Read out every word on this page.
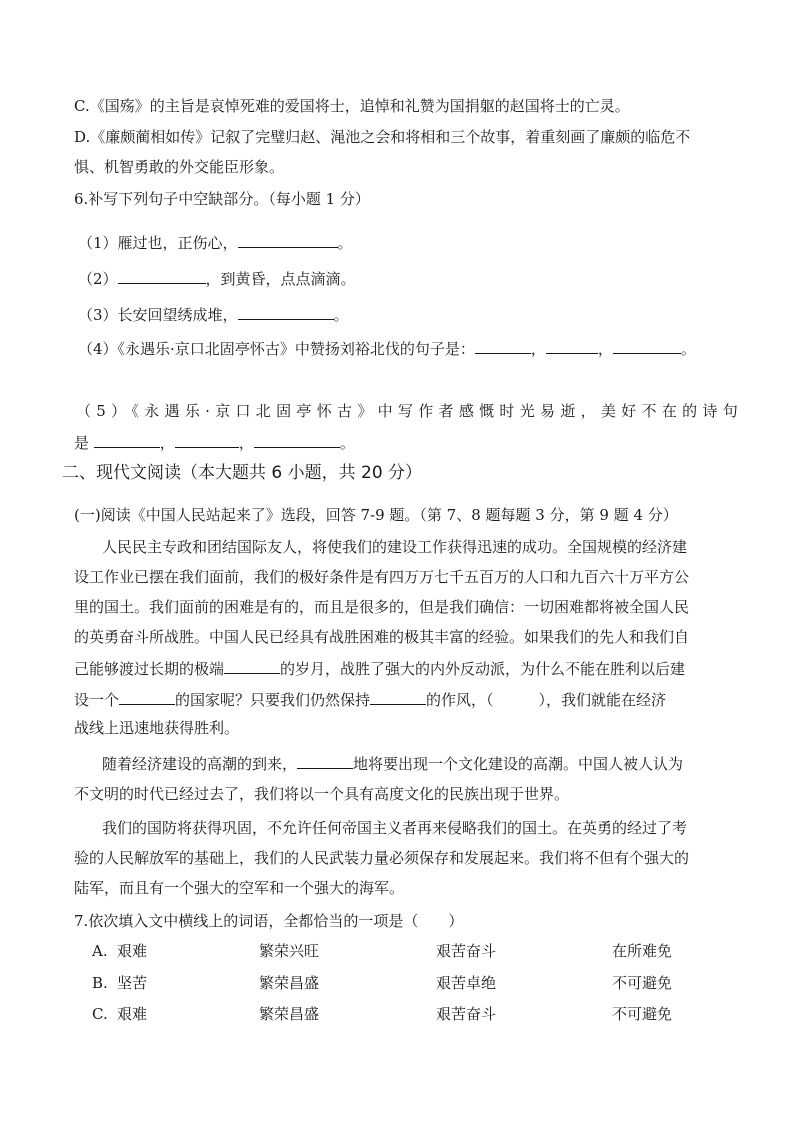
C.《国殇》的主旨是哀悼死难的爱国将士，追悼和礼赞为国捐躯的赵国将士的亡灵。
D.《廉颇蔺相如传》记叙了完璧归赵、渑池之会和将相和三个故事，着重刻画了廉颇的临危不
惧、机智勇敢的外交能臣形象。
6.补写下列句子中空缺部分。（每小题 1 分）
（1）雁过也，正伤心，	。
（2）	，到黄昏，点点滴滴。
（3）长安回望绣成堆，	。
（4）《永遇乐·京口北固亭怀古》中赞扬刘裕北伐的句子是：	，	，	。
（5）《永遇乐·京口北固亭怀古》中写作者感慨时光易逝，美好不在的诗句
是	，	，	。
二、现代文阅读（本大题共 6 小题，共 20 分）
(一)阅读《中国人民站起来了》选段，回答 7-9 题。（第 7、8 题每题 3 分，第 9 题 4 分）
人民民主专政和团结国际友人，将使我们的建设工作获得迅速的成功。全国规模的经济建
设工作业已摆在我们面前，我们的极好条件是有四万万七千五百万的人口和九百六十万平方公
里的国土。我们面前的困难是有的，而且是很多的，但是我们确信：一切困难都将被全国人民
的英勇奋斗所战胜。中国人民已经具有战胜困难的极其丰富的经验。如果我们的先人和我们自
己能够渡过长期的极端	的岁月，战胜了强大的内外反动派，为什么不能在胜利以后建
设一个	的国家呢？只要我们仍然保持	的作风，（　　　），我们就能在经济
战线上迅速地获得胜利。
随着经济建设的高潮的到来，	地将要出现一个文化建设的高潮。中国人被人认为
不文明的时代已经过去了，我们将以一个具有高度文化的民族出现于世界。
我们的国防将获得巩固，不允许任何帝国主义者再来侵略我们的国土。在英勇的经过了考
验的人民解放军的基础上，我们的人民武装力量必须保存和发展起来。我们将不但有个强大的
陆军，而且有一个强大的空军和一个强大的海军。
7.依次填入文中横线上的词语，全都恰当的一项是（　　）
A. 艰难	繁荣兴旺	艰苦奋斗	在所难免
B. 坚苦	繁荣昌盛	艰苦卓绝	不可避免
C. 艰难	繁荣昌盛	艰苦奋斗	不可避免
